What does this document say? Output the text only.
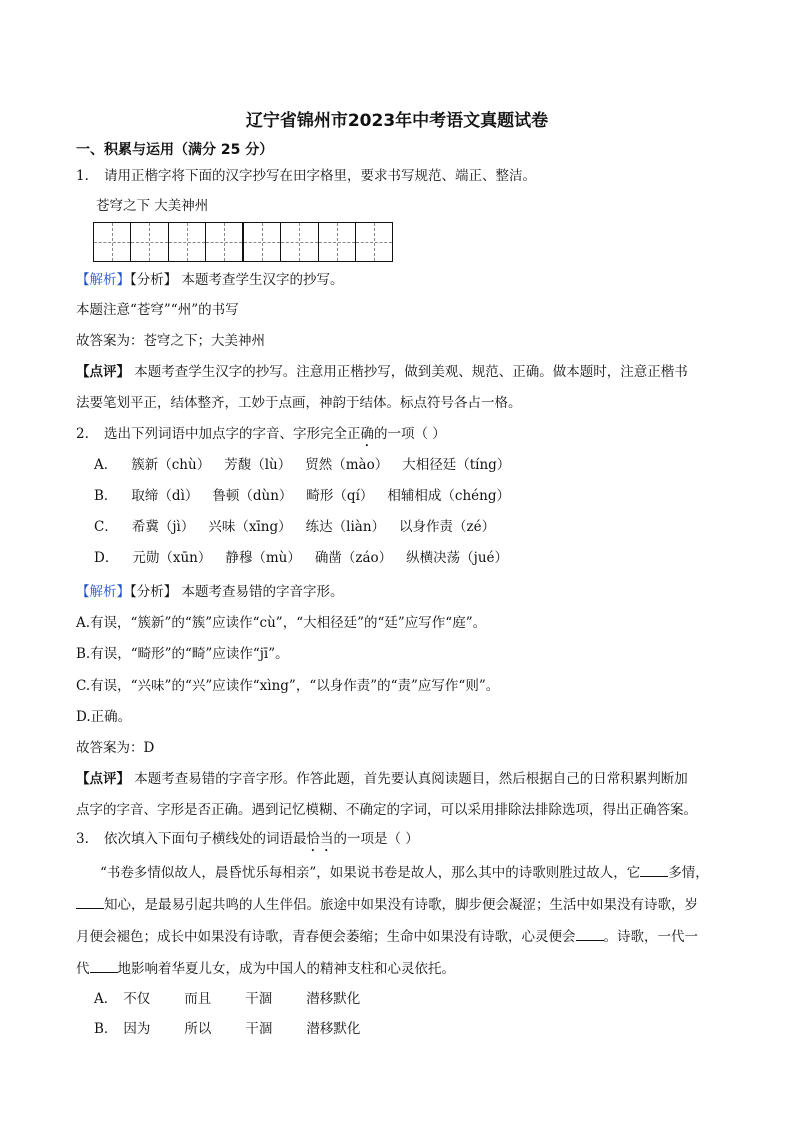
辽宁省锦州市2023年中考语文真题试卷
一、积累与运用（满分 25 分）
1. 请用正楷字将下面的汉字抄写在田字格里，要求书写规范、端正、整洁。
苍穹之下 大美神州
【解析】【分析】 本题考查学生汉字的抄写。
本题注意“苍穹”“州”的书写
故答案为：苍穹之下；大美神州
【点评】 本题考查学生汉字的抄写。注意用正楷抄写，做到美观、规范、正确。做本题时，注意正楷书
法要笔划平正，结体整齐，工妙于点画，神韵于结体。标点符号各占一格。
2. 选出下列词语中加点字的字音、字形完全正确的一项（ ）
A． 簇新（chù） 芳馥（lù） 贸然（mào） 大相径廷（tíng）
B． 取缔（dì） 鲁顿（dùn） 畸形（qí） 相辅相成（chéng）
C． 希冀（jì） 兴味（xīng） 练达（liàn） 以身作责（zé）
D． 元勋（xūn） 静穆（mù） 确凿（záo） 纵横决荡（jué）
【解析】【分析】 本题考查易错的字音字形。
A.有误，“簇新”的“簇”应读作“cù”，“大相径廷”的“廷”应写作“庭”。
B.有误，“畸形”的“畸”应读作“jī”。
C.有误，“兴味”的“兴”应读作“xìng”，“以身作责”的“责”应写作“则”。
D.正确。
故答案为：D
【点评】 本题考查易错的字音字形。作答此题，首先要认真阅读题目，然后根据自己的日常积累判断加
点字的字音、字形是否正确。遇到记忆模糊、不确定的字词，可以采用排除法排除选项，得出正确答案。
3. 依次填入下面句子横线处的词语最恰当的一项是（ ）
“书卷多情似故人，晨昏忧乐每相亲”，如果说书卷是故人，那么其中的诗歌则胜过故人，它 多情，
知心，是最易引起共鸣的人生伴侣。旅途中如果没有诗歌，脚步便会凝涩；生活中如果没有诗歌，岁
月便会褪色；成长中如果没有诗歌，青春便会萎缩；生命中如果没有诗歌，心灵便会 。诗歌，一代一
代 地影响着华夏儿女，成为中国人的精神支柱和心灵依托。
A． 不仅	而且	干涸	潜移默化
B． 因为	所以	干涸	潜移默化
